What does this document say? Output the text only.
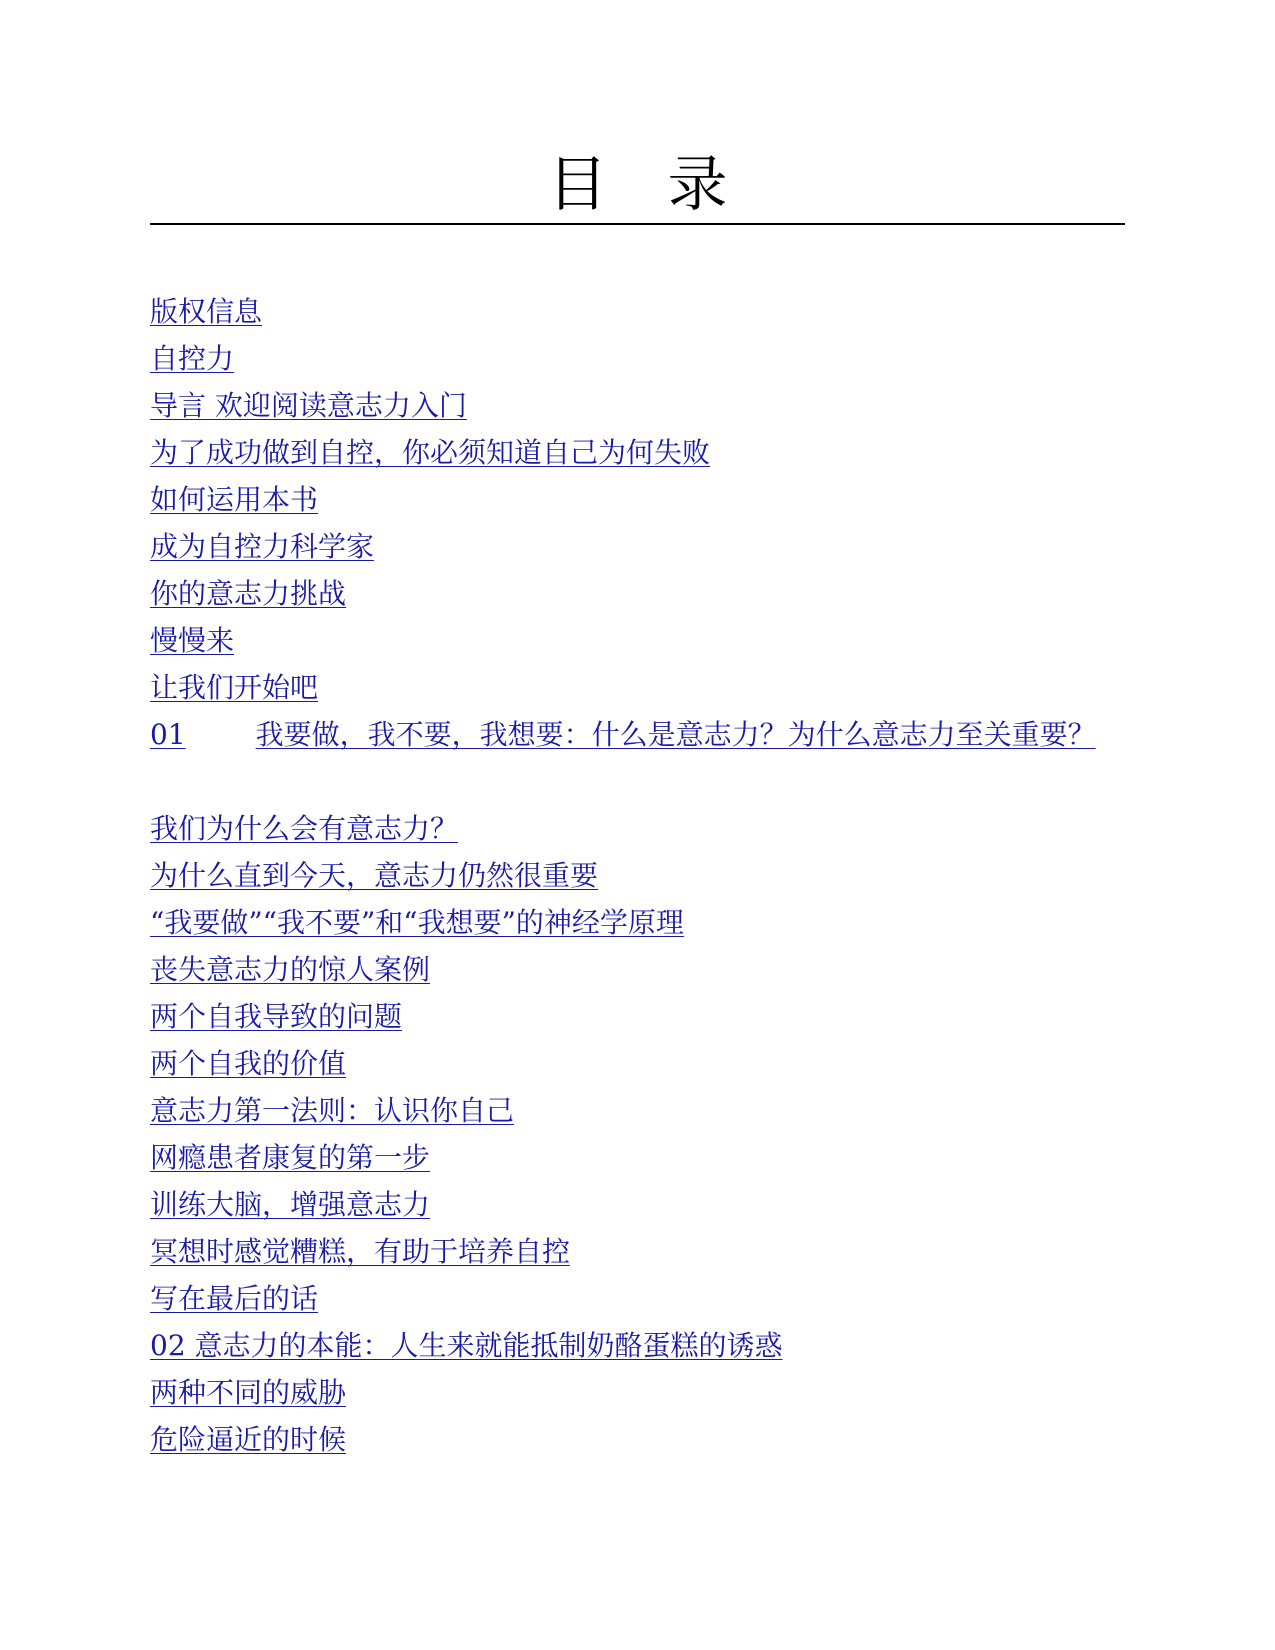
目 录
版权信息
自控力
导言 欢迎阅读意志力入门
为了成功做到自控，你必须知道自己为何失败
如何运用本书
成为自控力科学家
你的意志力挑战
慢慢来
让我们开始吧
01	我要做，我不要，我想要：什么是意志力？为什么意志力至关重要？
我们为什么会有意志力？
为什么直到今天，意志力仍然很重要
“我要做”“我不要”和“我想要”的神经学原理
丧失意志力的惊人案例
两个自我导致的问题
两个自我的价值
意志力第一法则：认识你自己
网瘾患者康复的第一步
训练大脑，增强意志力
冥想时感觉糟糕，有助于培养自控
写在最后的话
02 意志力的本能：人生来就能抵制奶酪蛋糕的诱惑
两种不同的威胁
危险逼近的时候
